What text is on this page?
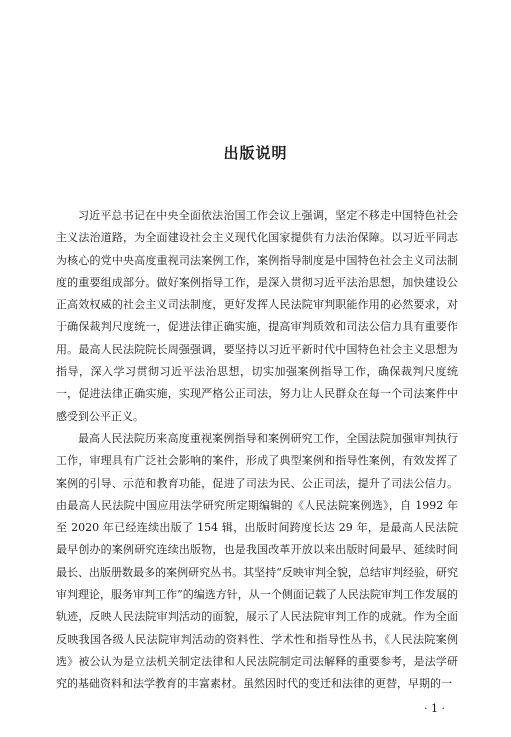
出版说明

习近平总书记在中央全面依法治国工作会议上强调，坚定不移走中国特色社会主义法治道路，为全面建设社会主义现代化国家提供有力法治保障。以习近平同志为核心的党中央高度重视司法案例工作，案例指导制度是中国特色社会主义司法制度的重要组成部分。做好案例指导工作，是深入贯彻习近平法治思想，加快建设公正高效权威的社会主义司法制度，更好发挥人民法院审判职能作用的必然要求，对于确保裁判尺度统一，促进法律正确实施，提高审判质效和司法公信力具有重要作用。最高人民法院院长周强强调，要坚持以习近平新时代中国特色社会主义思想为指导，深入学习贯彻习近平法治思想，切实加强案例指导工作，确保裁判尺度统一，促进法律正确实施，实现严格公正司法，努力让人民群众在每一个司法案件中感受到公平正义。

最高人民法院历来高度重视案例指导和案例研究工作，全国法院加强审判执行工作，审理具有广泛社会影响的案件，形成了典型案例和指导性案例，有效发挥了案例的引导、示范和教育功能，促进了司法为民、公正司法，提升了司法公信力。由最高人民法院中国应用法学研究所定期编辑的《人民法院案例选》，自 1992 年至 2020 年已经连续出版了 154 辑，出版时间跨度长达 29 年，是最高人民法院最早创办的案例研究连续出版物，也是我国改革开放以来出版时间最早、延续时间最长、出版册数最多的案例研究丛书。其坚持“反映审判全貌，总结审判经验，研究审判理论，服务审判工作”的编选方针，从一个侧面记载了人民法院审判工作发展的轨迹，反映人民法院审判活动的面貌，展示了人民法院审判工作的成就。作为全面反映我国各级人民法院审判活动的资料性、学术性和指导性丛书，《人民法院案例选》被公认为是立法机关制定法律和人民法院制定司法解释的重要参考，是法学研究的基础资料和法学教育的丰富素材。虽然因时代的变迁和法律的更替，早期的一

· 1 ·
